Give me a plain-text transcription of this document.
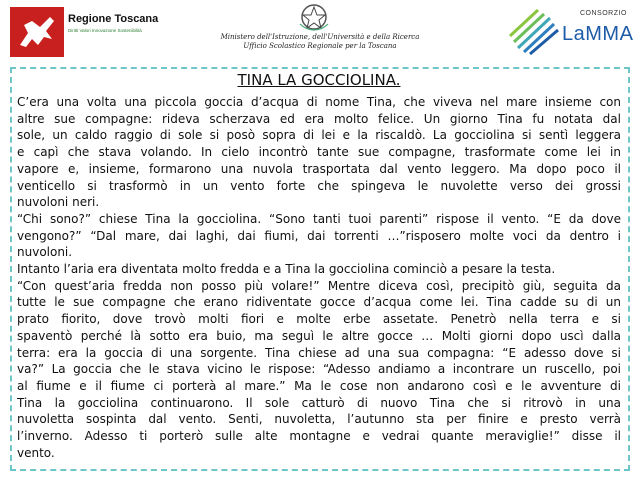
Regione Toscana
Diritti Valori Innovazione Sostenibilità
Ministero dell'Istruzione, dell'Università e della Ricerca
Ufficio Scolastico Regionale per la Toscana
CONSORZIO
LaMMA
TINA LA GOCCIOLINA.
C’era una volta una piccola goccia d’acqua di nome Tina, che viveva nel mare insieme con
altre sue compagne: rideva scherzava ed era molto felice. Un giorno Tina fu notata dal
sole, un caldo raggio di sole si posò sopra di lei e la riscaldò. La gocciolina si sentì leggera
e capì che stava volando. In cielo incontrò tante sue compagne, trasformate come lei in
vapore e, insieme, formarono una nuvola trasportata dal vento leggero. Ma dopo poco il
venticello si trasformò in un vento forte che spingeva le nuvolette verso dei grossi
nuvoloni neri.
“Chi sono?” chiese Tina la gocciolina. “Sono tanti tuoi parenti” rispose il vento. “E da dove
vengono?” “Dal mare, dai laghi, dai fiumi, dai torrenti …”risposero molte voci da dentro i
nuvoloni.
Intanto l’aria era diventata molto fredda e a Tina la gocciolina cominciò a pesare la testa.
“Con quest’aria fredda non posso più volare!” Mentre diceva così, precipitò giù, seguita da
tutte le sue compagne che erano ridiventate gocce d’acqua come lei. Tina cadde su di un
prato fiorito, dove trovò molti fiori e molte erbe assetate. Penetrò nella terra e si
spaventò perché là sotto era buio, ma seguì le altre gocce … Molti giorni dopo uscì dalla
terra: era la goccia di una sorgente. Tina chiese ad una sua compagna: “E adesso dove si
va?” La goccia che le stava vicino le rispose: “Adesso andiamo a incontrare un ruscello, poi
al fiume e il fiume ci porterà al mare.” Ma le cose non andarono così e le avventure di
Tina la gocciolina continuarono. Il sole catturò di nuovo Tina che si ritrovò in una
nuvoletta sospinta dal vento. Senti, nuvoletta, l’autunno sta per finire e presto verrà
l’inverno. Adesso ti porterò sulle alte montagne e vedrai quante meraviglie!” disse il
vento.
